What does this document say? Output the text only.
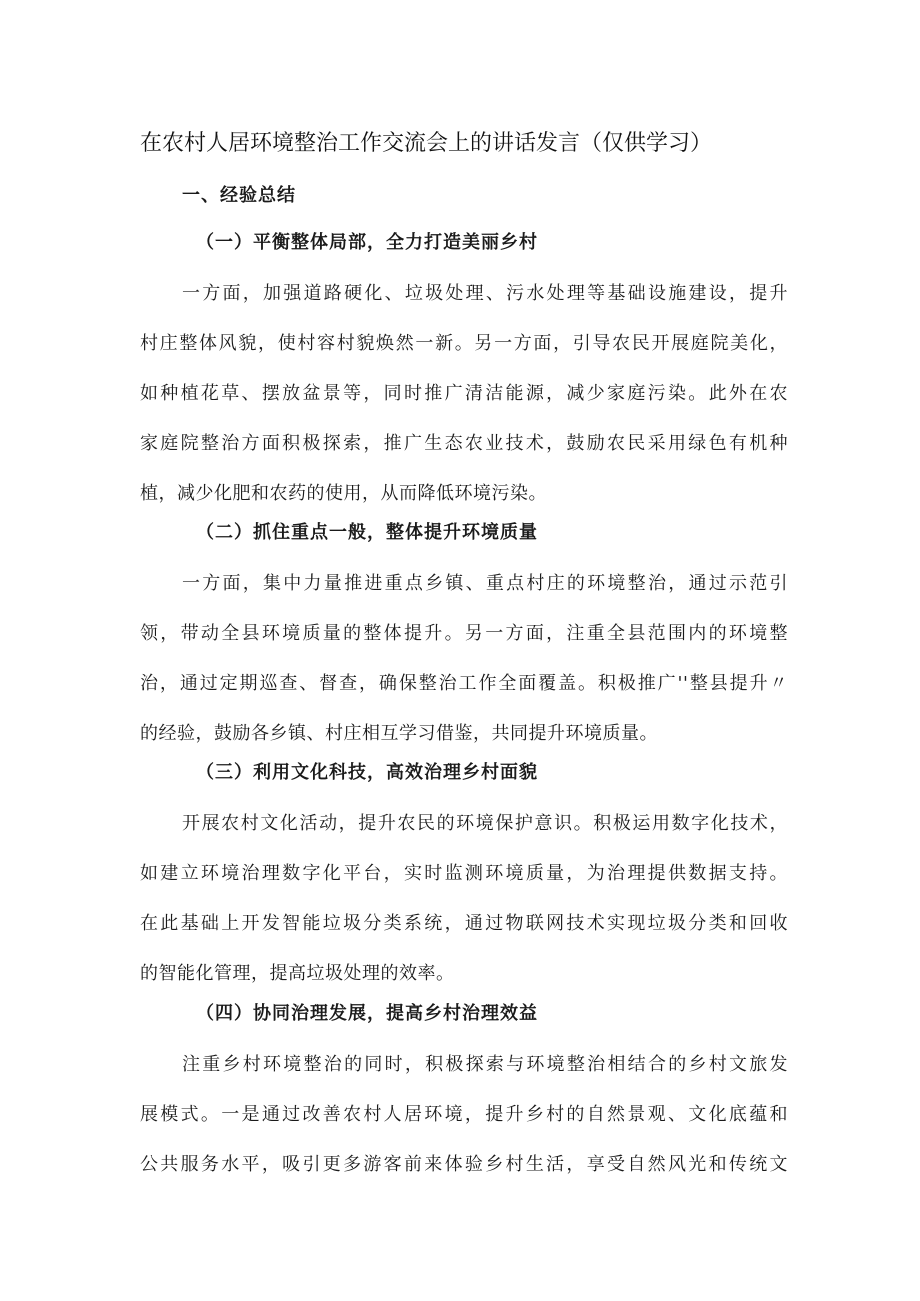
在农村人居环境整治工作交流会上的讲话发言（仅供学习）
一、经验总结
（一）平衡整体局部，全力打造美丽乡村
一方面，加强道路硬化、垃圾处理、污水处理等基础设施建设，提升
村庄整体风貌，使村容村貌焕然一新。另一方面，引导农民开展庭院美化，
如种植花草、摆放盆景等，同时推广清洁能源，减少家庭污染。此外在农
家庭院整治方面积极探索，推广生态农业技术，鼓励农民采用绿色有机种
植，减少化肥和农药的使用，从而降低环境污染。
（二）抓住重点一般，整体提升环境质量
一方面，集中力量推进重点乡镇、重点村庄的环境整治，通过示范引
领，带动全县环境质量的整体提升。另一方面，注重全县范围内的环境整
治，通过定期巡查、督查，确保整治工作全面覆盖。积极推广''整县提升〃
的经验，鼓励各乡镇、村庄相互学习借鉴，共同提升环境质量。
（三）利用文化科技，高效治理乡村面貌
开展农村文化活动，提升农民的环境保护意识。积极运用数字化技术，
如建立环境治理数字化平台，实时监测环境质量，为治理提供数据支持。
在此基础上开发智能垃圾分类系统，通过物联网技术实现垃圾分类和回收
的智能化管理，提高垃圾处理的效率。
（四）协同治理发展，提高乡村治理效益
注重乡村环境整治的同时，积极探索与环境整治相结合的乡村文旅发
展模式。一是通过改善农村人居环境，提升乡村的自然景观、文化底蕴和
公共服务水平，吸引更多游客前来体验乡村生活，享受自然风光和传统文
